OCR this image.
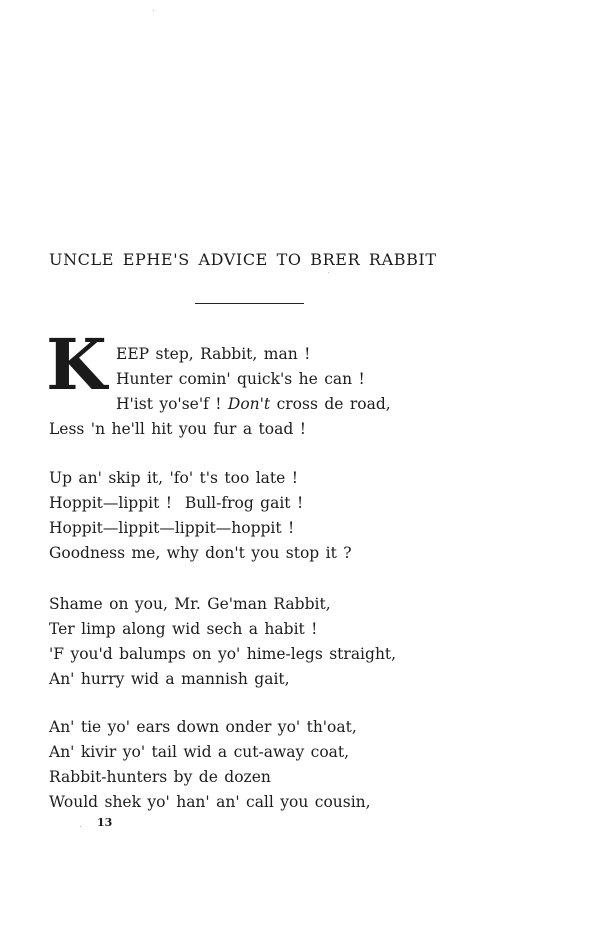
UNCLE EPHE'S ADVICE TO BRER RABBIT
K EEP step, Rabbit, man !
Hunter comin' quick's he can !
H'ist yo'se'f ! Don't cross de road,
Less 'n he'll hit you fur a toad !
Up an' skip it, 'fo' t's too late !
Hoppit—lippit !  Bull-frog gait !
Hoppit—lippit—lippit—hoppit !
Goodness me, why don't you stop it ?
Shame on you, Mr. Ge'man Rabbit,
Ter limp along wid sech a habit !
'F you'd balumps on yo' hime-legs straight,
An' hurry wid a mannish gait,
An' tie yo' ears down onder yo' th'oat,
An' kivir yo' tail wid a cut-away coat,
Rabbit-hunters by de dozen
Would shek yo' han' an' call you cousin,
13
